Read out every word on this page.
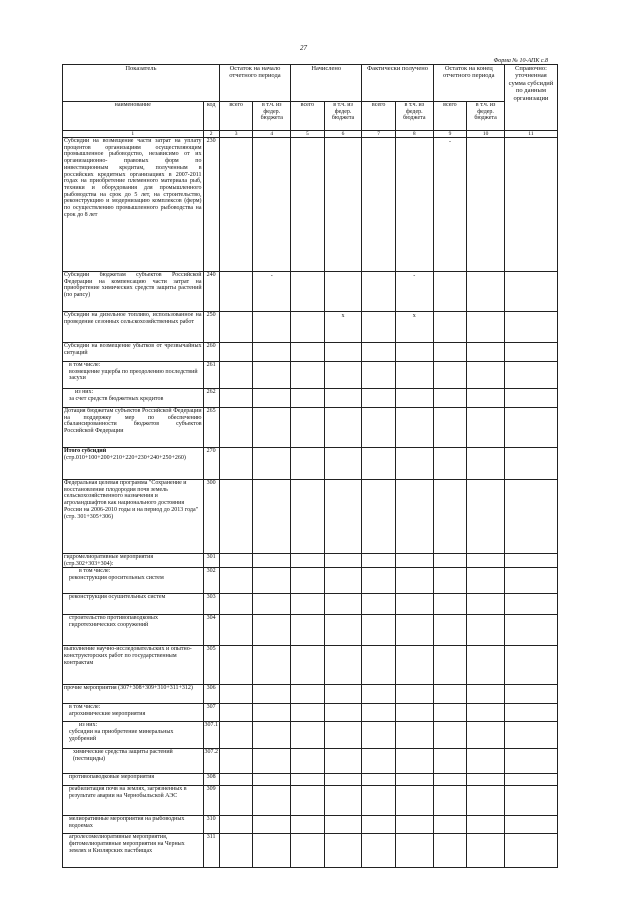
27
Форма № 10-АПК с.8
Показатель		Остаток на начало отчетного периода		Начислено		Фактически получено		Остаток на конец отчетного периода		Справочно: уточненная сумма субсидий по данным организации
наименование	код	всего	в т.ч. из федер. бюджета	всего	в т.ч. из федер. бюджета	всего	в т.ч. из федер. бюджета	всего	в т.ч. из федер. бюджета	
1	2	3	4	5	6	7	8	9	10	11
Субсидии на возмещение части затрат на уплату процентов организациям осуществляющим промышленное рыбоводство, независимо от их организационно- правовых форм по инвестиционным кредитам, полученным в российских кредитных организациях в 2007-2011 годах на приобретение племенного материала рыб, техники и оборудования для промышленного рыбоводства на срок до 5 лет, на строительство, реконструкцию и модернизацию комплексов (ферм) по осуществлению промышленного рыбоводства на срок до 8 лет	230							-		
Субсидии бюджетам субъектов Российской Федерации на компенсацию части затрат на приобретение химических средств защиты растений (по рапсу)	240		-				-			
Субсидии на дизельное топливо, использованное на проведение сезонных сельскохозяйственных работ	250				х		х			
Субсидии на возмещение убытков от чрезвычайных ситуаций	260									

в том числе:
возмещение ущерба по преодолению последствий засухи	261									

из них:
за счет средств бюджетных кредитов	262									
Дотация бюджетам субъектов Российской Федерации на поддержку мер по обеспечению сбалансированности бюджетов субъектов Российской Федерации	265									

Итого субсидий
(стр.010+100+200+210+220+230+240+250+260)	270									

Федеральная целевая программа "Сохранение и восстановление плодородия почв земель сельскохозяйственного назначения и агроландшафтов как национального достояния России на 2006-2010 годы и на период до 2013 года"
(стр. 301+305+306)	300									
гидромелиоративные мероприятия (стр.302+303+304):	301									

в том числе:
реконструкция оросительных систем	302									
реконструкция осушительных систем	303									
строительство противопаводковых гидротехнических сооружений	304									
выполнение научно-исследовательских и опытно-конструкторских работ по государственным контрактам	305									
прочие мероприятия (307+308+309+310+311+312)	306									

в том числе:
агрохимические мероприятия	307									

из них:
субсидии на приобретение минеральных удобрений	307.1									
химические средства защиты растений (пестициды)	307.2									
противопаводковые мероприятия	308									
реабилитация почв на землях, загрязненных в результате аварии на Чернобыльской АЭС	309									
мелиоративные мероприятия на рыбоводных водоемах	310									
агролесомелиоративные мероприятия, фитомелиоративные мероприятия на Черных землях и Кизлярских пастбищах	311									
